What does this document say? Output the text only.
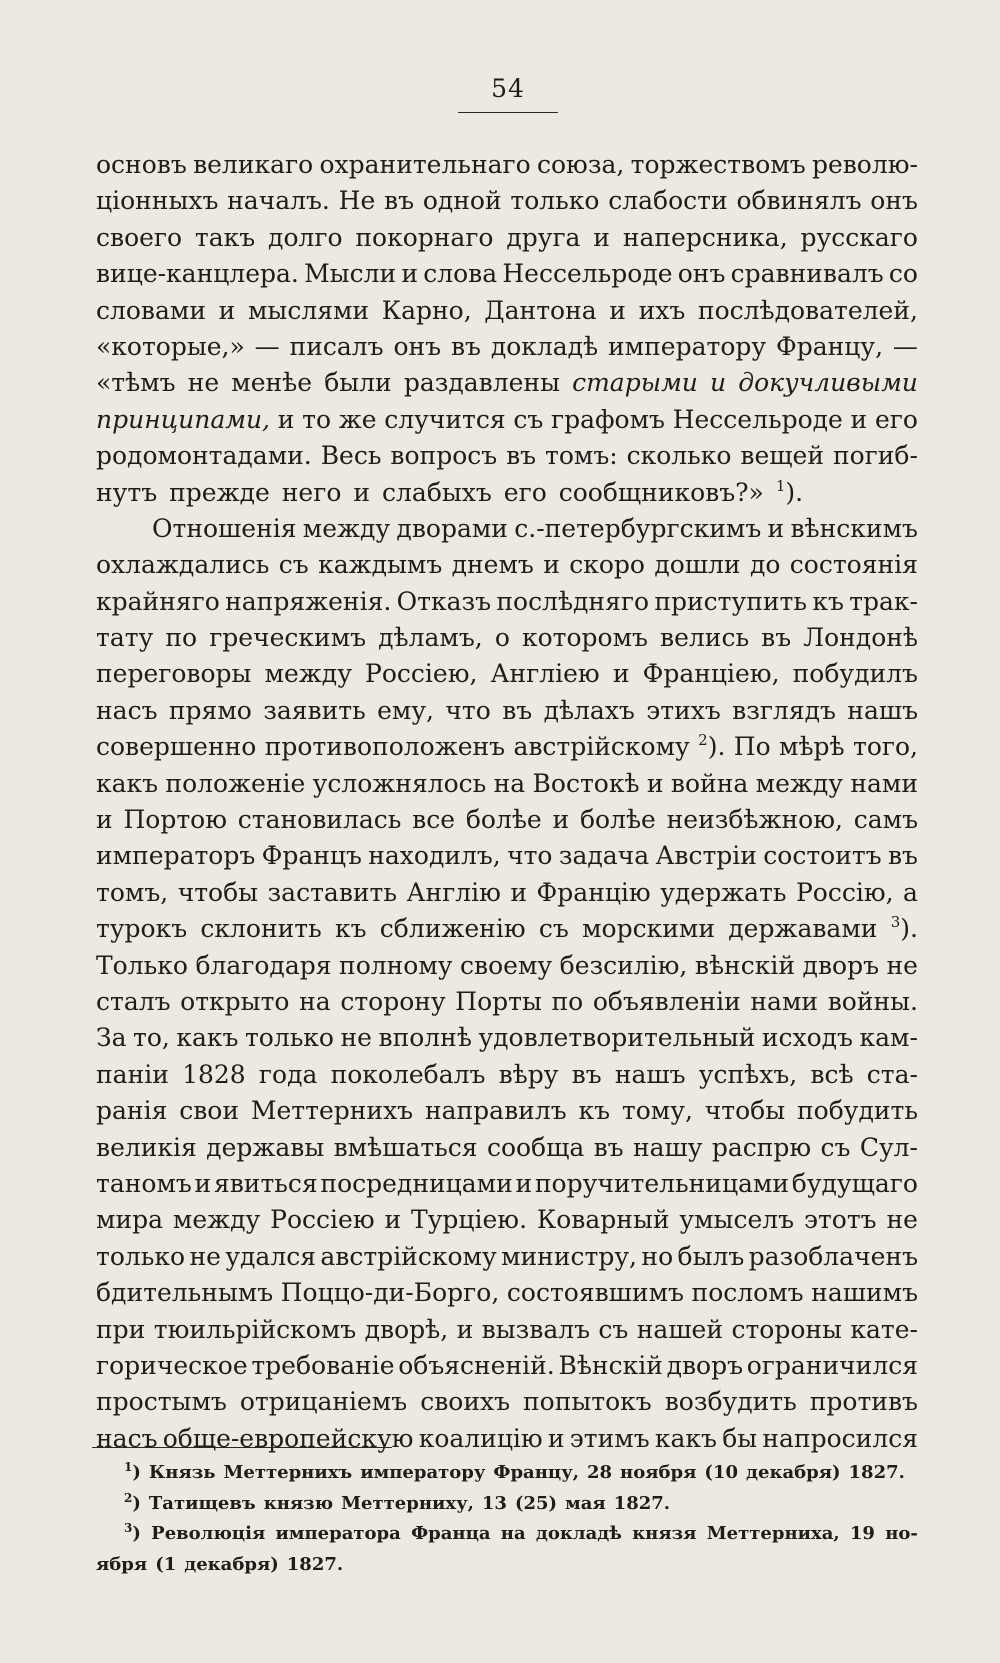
54
основъ великаго охранительнаго союза, торжествомъ револю-
ціонныхъ началъ. Не въ одной только слабости обвинялъ онъ
своего такъ долго покорнаго друга и наперсника, русскаго
вице-канцлера. Мысли и слова Нессельроде онъ сравнивалъ со
словами и мыслями Карно, Дантона и ихъ послѣдователей,
«которые,» — писалъ онъ въ докладѣ императору Францу, —
«тѣмъ не менѣе были раздавлены старыми и докучливыми
принципами, и то же случится съ графомъ Нессельроде и его
родомонтадами. Весь вопросъ въ томъ: сколько вещей погиб-
нутъ прежде него и слабыхъ его сообщниковъ?» $^1$).
Отношенія между дворами с.-петербургскимъ и вѣнскимъ
охлаждались съ каждымъ днемъ и скоро дошли до состоянія
крайняго напряженія. Отказъ послѣдняго приступить къ трак-
тату по греческимъ дѣламъ, о которомъ велись въ Лондонѣ
переговоры между Россіею, Англіею и Франціею, побудилъ
насъ прямо заявить ему, что въ дѣлахъ этихъ взглядъ нашъ
совершенно противоположенъ австрійскому $^2$). По мѣрѣ того,
какъ положеніе усложнялось на Востокѣ и война между нами
и Портою становилась все болѣе и болѣе неизбѣжною, самъ
императоръ Францъ находилъ, что задача Австріи состоитъ въ
томъ, чтобы заставить Англію и Францію удержать Россію, а
турокъ склонить къ сближенію съ морскими державами $^3$).
Только благодаря полному своему безсилію, вѣнскій дворъ не
сталъ открыто на сторону Порты по объявленіи нами войны.
За то, какъ только не вполнѣ удовлетворительный исходъ кам-
паніи 1828 года поколебалъ вѣру въ нашъ успѣхъ, всѣ ста-
ранія свои Меттернихъ направилъ къ тому, чтобы побудить
великія державы вмѣшаться сообща въ нашу распрю съ Сул-
таномъ и явиться посредницами и поручительницами будущаго
мира между Россіею и Турціею. Коварный умыселъ этотъ не
только не удался австрійскому министру, но былъ разоблаченъ
бдительнымъ Поццо-ди-Борго, состоявшимъ посломъ нашимъ
при тюильрійскомъ дворѣ, и вызвалъ съ нашей стороны кате-
горическое требованіе объясненій. Вѣнскій дворъ ограничился
простымъ отрицаніемъ своихъ попытокъ возбудить противъ
насъ обще-европейскую коалицію и этимъ какъ бы напросился
$^1$) Князь Меттернихъ императору Францу, 28 ноября (10 декабря) 1827.
$^2$) Татищевъ князю Меттерниху, 13 (25) мая 1827.
$^3$) Революція императора Франца на докладѣ князя Меттерниха, 19 но-
ября (1 декабря) 1827.
